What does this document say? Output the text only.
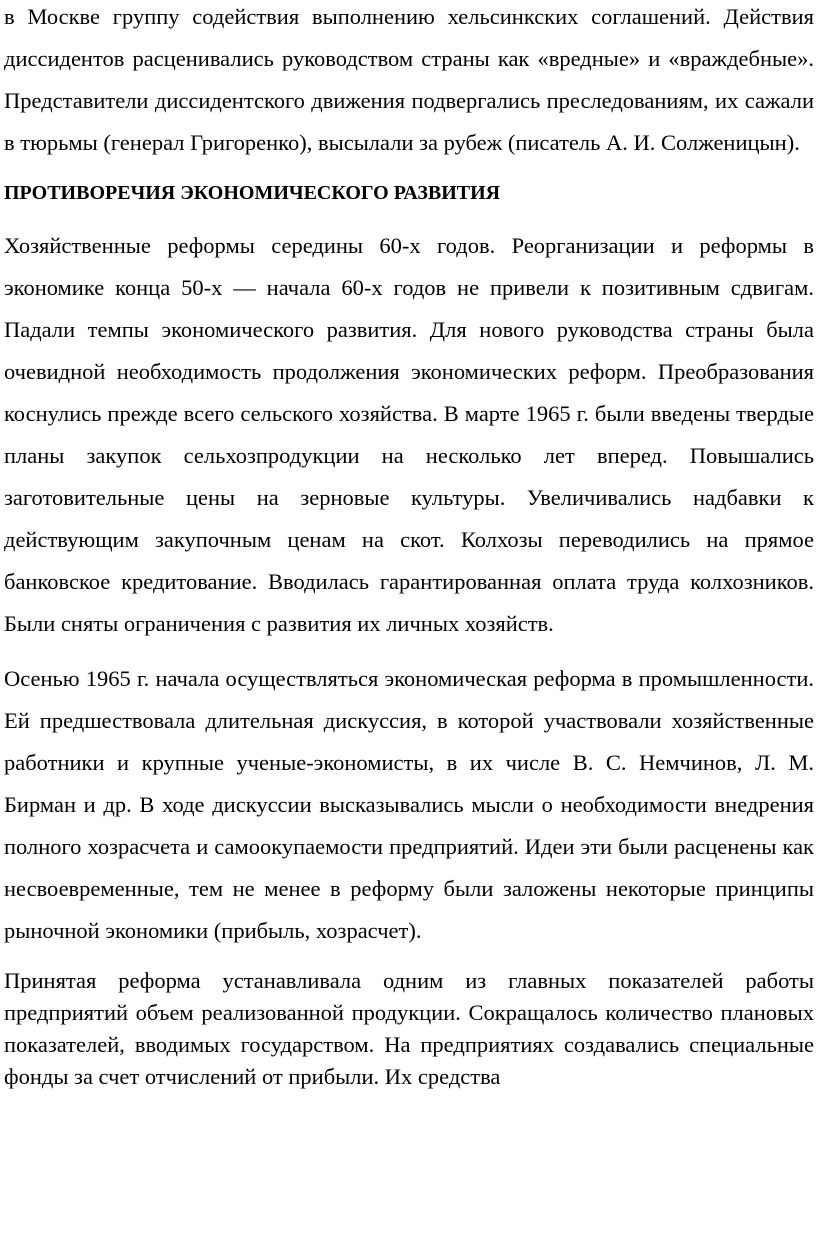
в Москве группу содействия выполнению хельсинкских соглашений. Действия диссидентов расценивались руководством страны как «вредные» и «враждебные». Представители диссидентского движения подвергались преследованиям, их сажали в тюрьмы (генерал Григоренко), высылали за рубеж (писатель А. И. Солженицын).

ПРОТИВОРЕЧИЯ ЭКОНОМИЧЕСКОГО РАЗВИТИЯ

Хозяйственные реформы середины 60-х годов. Реорганизации и реформы в экономике конца 50-х — начала 60-х годов не привели к позитивным сдвигам. Падали темпы экономического развития. Для нового руководства страны была очевидной необходимость продолжения экономических реформ. Преобразования коснулись прежде всего сельского хозяйства. В марте 1965 г. были введены твердые планы закупок сельхозпродукции на несколько лет вперед. Повышались заготовительные цены на зерновые культуры. Увеличивались надбавки к действующим закупочным ценам на скот. Колхозы переводились на прямое банковское кредитование. Вводилась гарантированная оплата труда колхозников. Были сняты ограничения с развития их личных хозяйств.

Осенью 1965 г. начала осуществляться экономическая реформа в промышленности. Ей предшествовала длительная дискуссия, в которой участвовали хозяйственные работники и крупные ученые-экономисты, в их числе В. С. Немчинов, Л. М. Бирман и др. В ходе дискуссии высказывались мысли о необходимости внедрения полного хозрасчета и самоокупаемости предприятий. Идеи эти были расценены как несвоевременные, тем не менее в реформу были заложены некоторые принципы рыночной экономики (прибыль, хозрасчет).

Принятая реформа устанавливала одним из главных показателей работы предприятий объем реализованной продукции. Сокращалось количество плановых показателей, вводимых государством. На предприятиях создавались специальные фонды за счет отчислений от прибыли. Их средства
